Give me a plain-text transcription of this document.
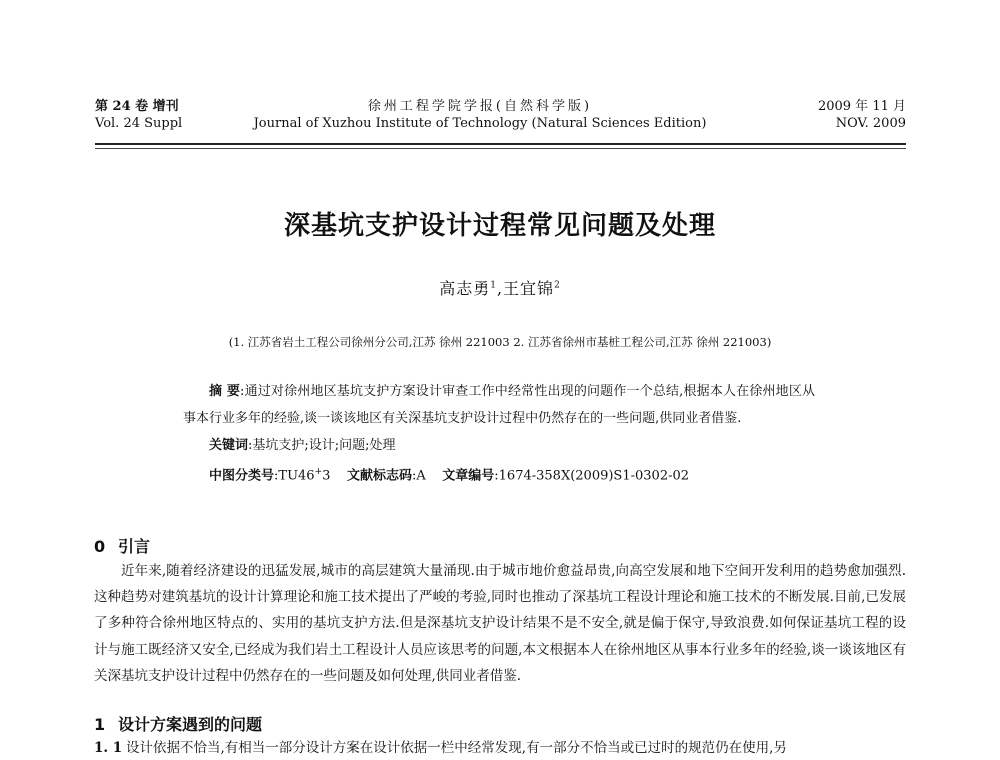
第 24 卷 增刊
Vol. 24 Suppl
徐州工程学院学报(自然科学版)
Journal of Xuzhou Institute of Technology (Natural Sciences Edition)
2009 年 11 月
NOV. 2009
深基坑支护设计过程常见问题及处理
高志勇$^1$,王宜锦$^2$
(1. 江苏省岩土工程公司徐州分公司,江苏 徐州 221003 2. 江苏省徐州市基桩工程公司,江苏 徐州 221003)

摘 要:通过对徐州地区基坑支护方案设计审查工作中经常性出现的问题作一个总结,根据本人在徐州地区从事本行业多年的经验,谈一谈该地区有关深基坑支护设计过程中仍然存在的一些问题,供同业者借鉴.

关键词:基坑支护;设计;问题;处理

中图分类号:TU46+3 文献标志码:A 文章编号:1674-358X(2009)S1-0302-02

0 引言

近年来,随着经济建设的迅猛发展,城市的高层建筑大量涌现.由于城市地价愈益昂贵,向高空发展和地下空间开发利用的趋势愈加强烈.这种趋势对建筑基坑的设计计算理论和施工技术提出了严峻的考验,同时也推动了深基坑工程设计理论和施工技术的不断发展.目前,已发展了多种符合徐州地区特点的、实用的基坑支护方法.但是深基坑支护设计结果不是不安全,就是偏于保守,导致浪费.如何保证基坑工程的设计与施工既经济又安全,已经成为我们岩土工程设计人员应该思考的问题,本文根据本人在徐州地区从事本行业多年的经验,谈一谈该地区有关深基坑支护设计过程中仍然存在的一些问题及如何处理,供同业者借鉴.

1 设计方案遇到的问题
1. 1 设计依据不恰当,有相当一部分设计方案在设计依据一栏中经常发现,有一部分不恰当或已过时的规范仍在使用,另
